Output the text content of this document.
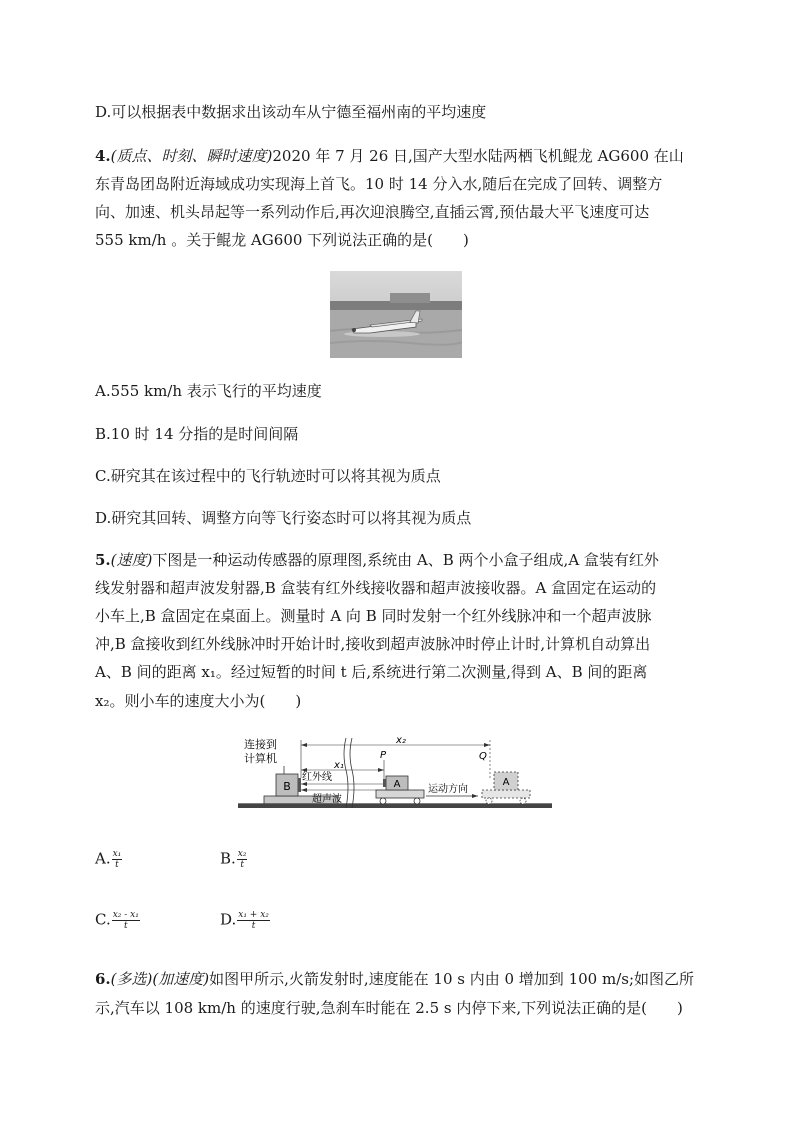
D.可以根据表中数据求出该动车从宁德至福州南的平均速度
4.(质点、时刻、瞬时速度)2020 年 7 月 26 日,国产大型水陆两栖飞机鲲龙 AG600 在山
东青岛团岛附近海域成功实现海上首飞。10 时 14 分入水,随后在完成了回转、调整方
向、加速、机头昂起等一系列动作后,再次迎浪腾空,直插云霄,预估最大平飞速度可达
555 km/h 。关于鲲龙 AG600 下列说法正确的是(　　)
A.555 km/h 表示飞行的平均速度
B.10 时 14 分指的是时间间隔
C.研究其在该过程中的飞行轨迹时可以将其视为质点
D.研究其回转、调整方向等飞行姿态时可以将其视为质点
5.(速度)下图是一种运动传感器的原理图,系统由 A、B 两个小盒子组成,A 盒装有红外
线发射器和超声波发射器,B 盒装有红外线接收器和超声波接收器。A 盒固定在运动的
小车上,B 盒固定在桌面上。测量时 A 向 B 同时发射一个红外线脉冲和一个超声波脉
冲,B 盒接收到红外线脉冲时开始计时,接收到超声波脉冲时停止计时,计算机自动算出
A、B 间的距离 x₁。经过短暂的时间 t 后,系统进行第二次测量,得到 A、B 间的距离
x₂。则小车的速度大小为(　　)
B
连接到
计算机
x₂
x₁
P	Q
红外线
超声波
A	运动方向
A
A. $\frac{\text{x₁}}{t}$	B. $\frac{\text{x₂}}{t}$
C. $\frac{\text{x₂ - x₁}}{t}$	D. $\frac{\text{x₁ + x₂}}{t}$
6.(多选)(加速度)如图甲所示,火箭发射时,速度能在 10 s 内由 0 增加到 100 m/s;如图乙所
示,汽车以 108 km/h 的速度行驶,急刹车时能在 2.5 s 内停下来,下列说法正确的是(　　)
